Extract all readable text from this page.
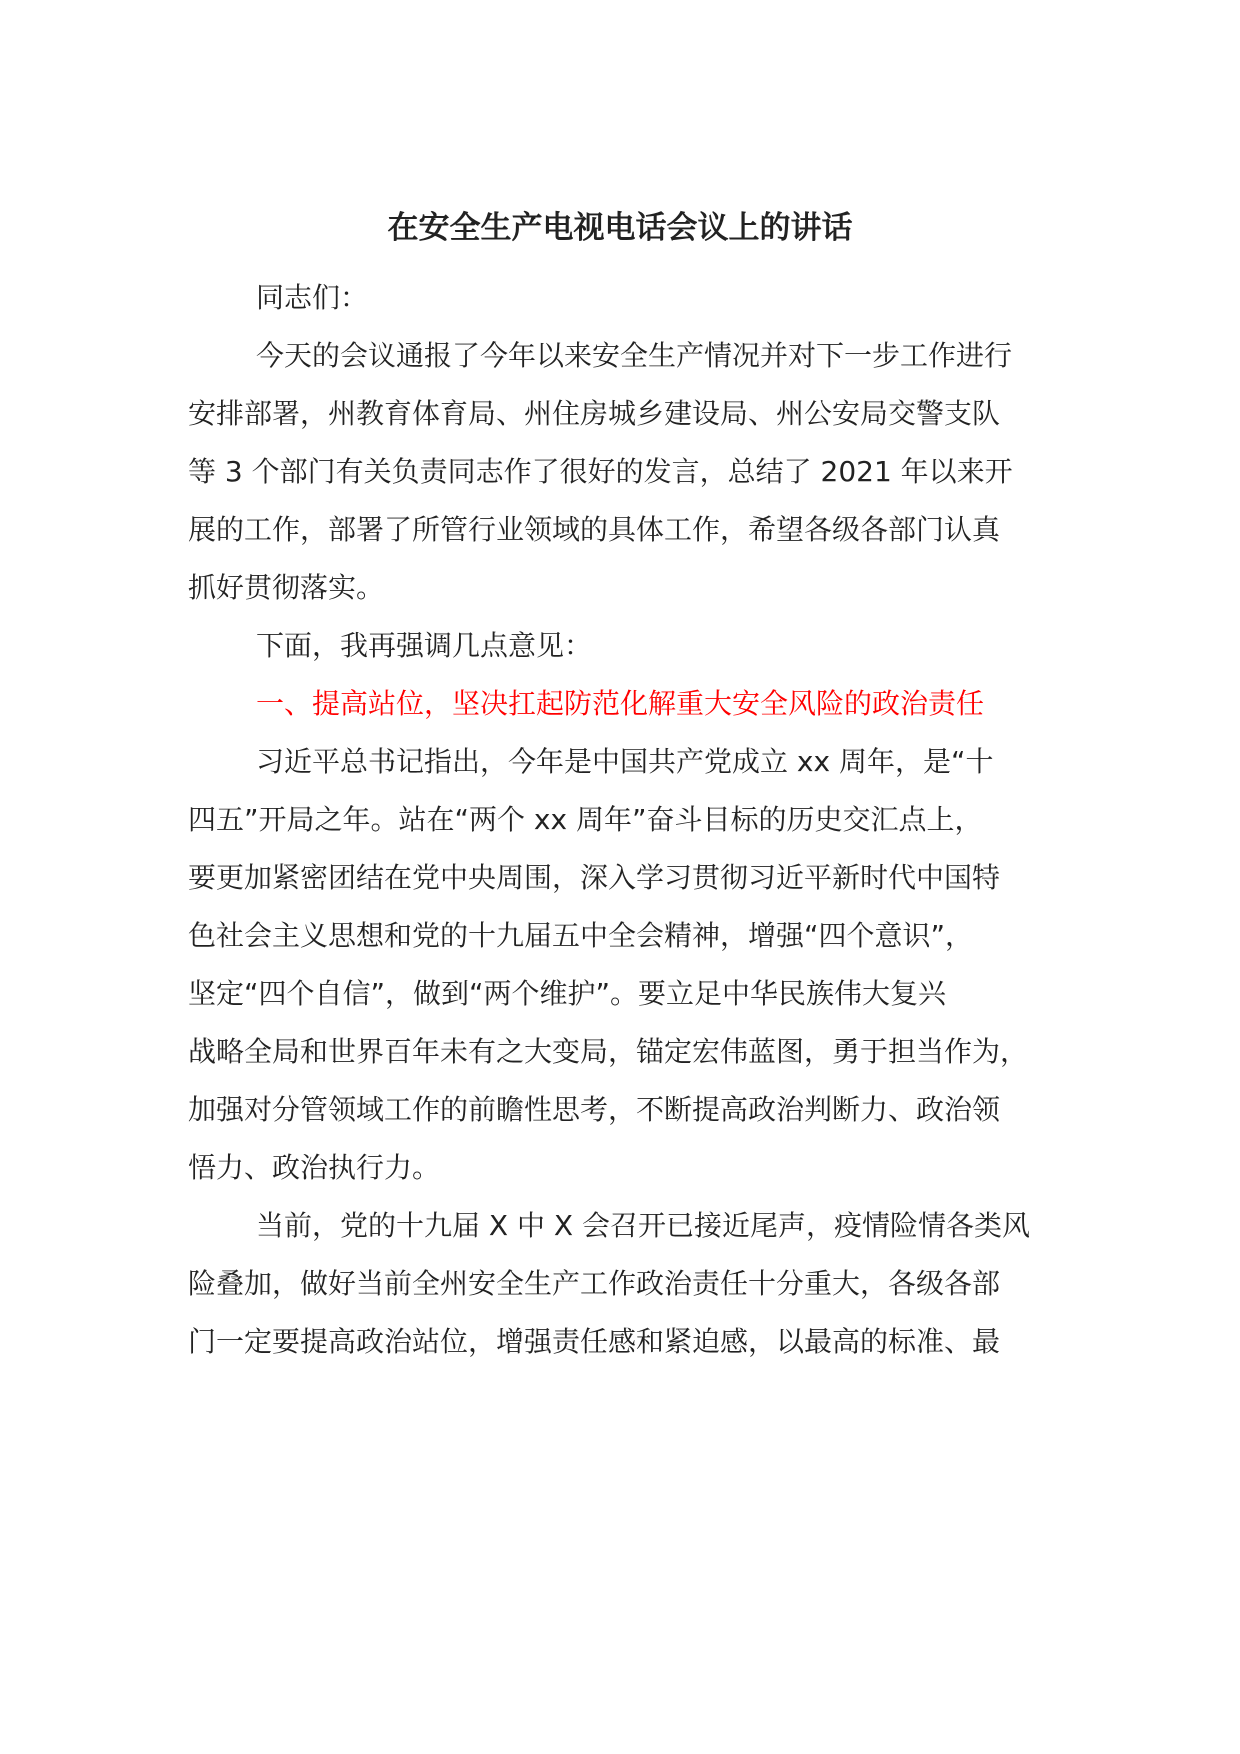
在安全生产电视电话会议上的讲话

同志们：

今天的会议通报了今年以来安全生产情况并对下一步工作进行

安排部署，州教育体育局、州住房城乡建设局、州公安局交警支队

等 3 个部门有关负责同志作了很好的发言，总结了 2021 年以来开

展的工作，部署了所管行业领域的具体工作，希望各级各部门认真

抓好贯彻落实。

下面，我再强调几点意见：

一、提高站位，坚决扛起防范化解重大安全风险的政治责任

习近平总书记指出，今年是中国共产党成立 xx 周年，是“十

四五”开局之年。站在“两个 xx 周年”奋斗目标的历史交汇点上，

要更加紧密团结在党中央周围，深入学习贯彻习近平新时代中国特

色社会主义思想和党的十九届五中全会精神，增强“四个意识”，

坚定“四个自信”，做到“两个维护”。要立足中华民族伟大复兴

战略全局和世界百年未有之大变局，锚定宏伟蓝图，勇于担当作为，

加强对分管领域工作的前瞻性思考，不断提高政治判断力、政治领

悟力、政治执行力。

当前，党的十九届 X 中 X 会召开已接近尾声，疫情险情各类风

险叠加，做好当前全州安全生产工作政治责任十分重大，各级各部

门一定要提高政治站位，增强责任感和紧迫感，以最高的标准、最
